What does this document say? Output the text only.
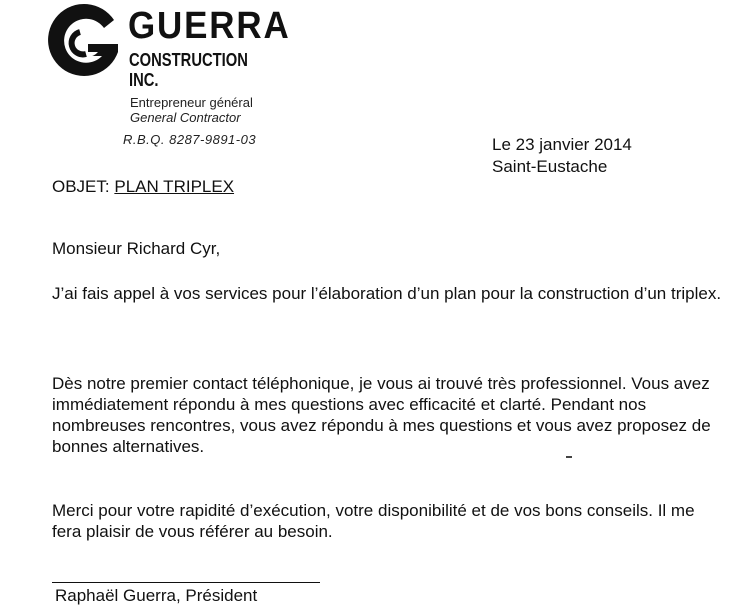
GUERRA
CONSTRUCTION INC.
Entrepreneur général
General Contractor
R.B.Q. 8287-9891-03	Le 23 janvier 2014
Saint-Eustache
OBJET: PLAN TRIPLEX

Monsieur Richard Cyr,

J’ai fais appel à vos services pour l’élaboration d’un plan pour la construction d’un triplex.

Dès notre premier contact téléphonique, je vous ai trouvé très professionnel. Vous avez immédiatement répondu à mes questions avec efficacité et clarté. Pendant nos nombreuses rencontres, vous avez répondu à mes questions et vous avez proposez de bonnes alternatives.

Merci pour votre rapidité d’exécution, votre disponibilité et de vos bons conseils. Il me fera plaisir de vous référer au besoin.

Raphaël Guerra, Président
